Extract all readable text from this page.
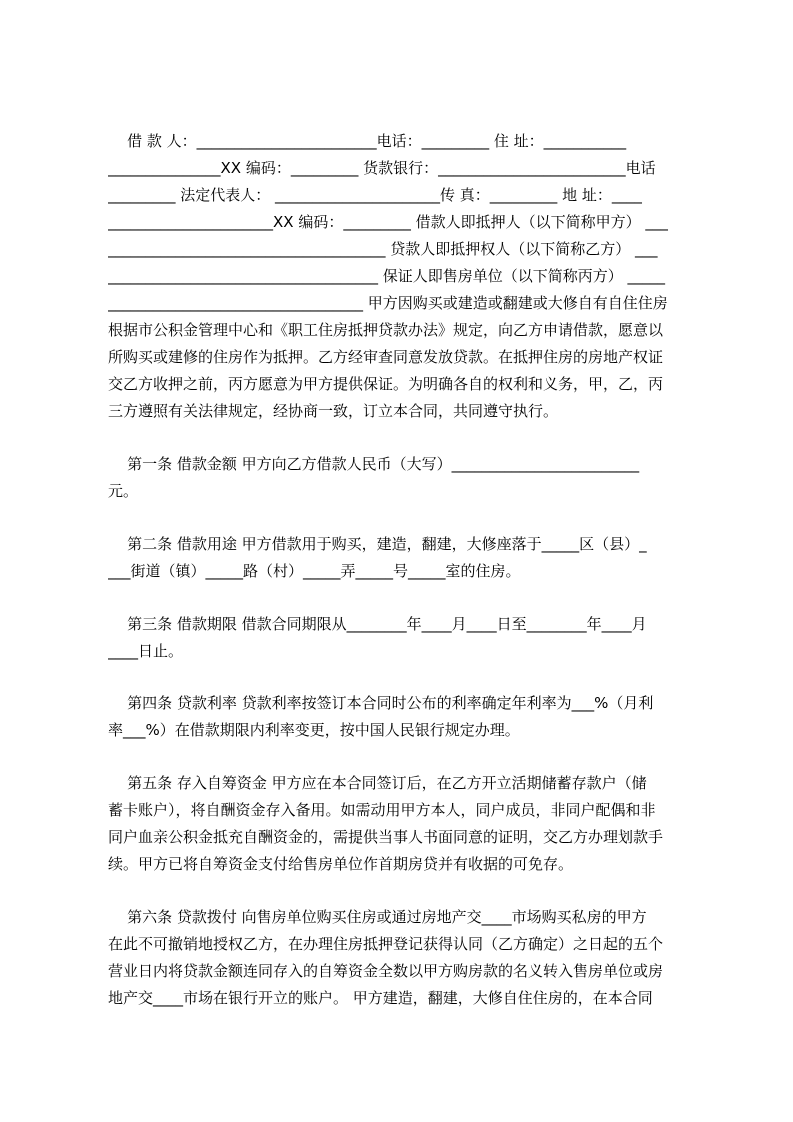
借 款 人：________________________电话：_________ 住 址：___________
_______________XX 编码：_________ 货款银行：_________________________电话
_________ 法定代表人： ______________________传 真：_________ 地 址：____
______________________XX 编码：_________ 借款人即抵押人（以下简称甲方） ___
_____________________________________ 贷款人即抵押权人（以下简称乙方） ___
____________________________________ 保证人即售房单位（以下简称丙方） _____
__________________________________ 甲方因购买或建造或翻建或大修自有自住住房
根据市公积金管理中心和《职工住房抵押贷款办法》规定，向乙方申请借款，愿意以
所购买或建修的住房作为抵押。乙方经审查同意发放贷款。在抵押住房的房地产权证
交乙方收押之前，丙方愿意为甲方提供保证。为明确各自的权利和义务，甲，乙，丙
三方遵照有关法律规定，经协商一致，订立本合同，共同遵守执行。
第一条 借款金额 甲方向乙方借款人民币（大写）_________________________
元。
第二条 借款用途 甲方借款用于购买，建造，翻建，大修座落于_____区（县）_
___街道（镇）_____路（村）_____弄_____号_____室的住房。
第三条 借款期限 借款合同期限从________年____月____日至________年____月
____日止。
第四条 贷款利率 贷款利率按签订本合同时公布的利率确定年利率为___%（月利
率___%）在借款期限内利率变更，按中国人民银行规定办理。
第五条 存入自筹资金 甲方应在本合同签订后，在乙方开立活期储蓄存款户（储
蓄卡账户），将自酬资金存入备用。如需动用甲方本人，同户成员，非同户配偶和非
同户血亲公积金抵充自酬资金的，需提供当事人书面同意的证明，交乙方办理划款手
续。甲方已将自筹资金支付给售房单位作首期房贷并有收据的可免存。
第六条 贷款拨付 向售房单位购买住房或通过房地产交____市场购买私房的甲方
在此不可撤销地授权乙方，在办理住房抵押登记获得认同（乙方确定）之日起的五个
营业日内将贷款金额连同存入的自筹资金全数以甲方购房款的名义转入售房单位或房
地产交____市场在银行开立的账户。 甲方建造，翻建，大修自住住房的，在本合同
